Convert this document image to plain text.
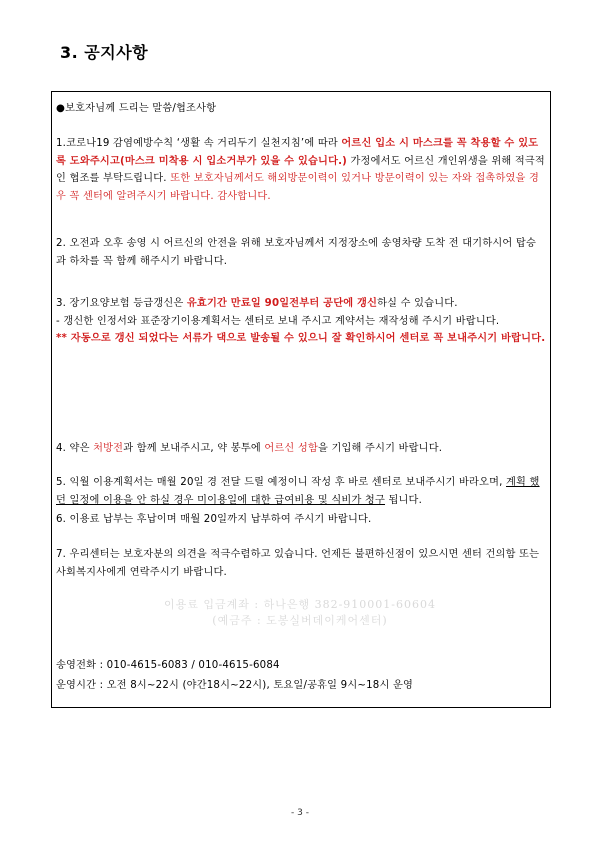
3. 공지사항
●보호자님께 드리는 말씀/협조사항
1.코로나19 감염예방수칙 ‘생활 속 거리두기 실천지침’에 따라 어르신 입소 시 마스크를 꼭 착용할 수 있도록 도와주시고(마스크 미착용 시 입소거부가 있을 수 있습니다.) 가정에서도 어르신 개인위생을 위해 적극적인 협조를 부탁드립니다. 또한 보호자님께서도 해외방문이력이 있거나 방문이력이 있는 자와 접촉하였을 경우 꼭 센터에 알려주시기 바랍니다. 감사합니다.
2. 오전과 오후 송영 시 어르신의 안전을 위해 보호자님께서 지정장소에 송영차량 도착 전 대기하시어 탑승과 하차를 꼭 함께 해주시기 바랍니다.
3. 장기요양보험 등급갱신은 유효기간 만료일 90일전부터 공단에 갱신하실 수 있습니다.
- 갱신한 인정서와 표준장기이용계획서는 센터로 보내 주시고 계약서는 재작성해 주시기 바랍니다.
** 자동으로 갱신 되었다는 서류가 댁으로 발송될 수 있으니 잘 확인하시어 센터로 꼭 보내주시기 바랍니다.
4. 약은 처방전과 함께 보내주시고, 약 봉투에 어르신 성함을 기입해 주시기 바랍니다.
5. 익월 이용계획서는 매월 20일 경 전달 드릴 예정이니 작성 후 바로 센터로 보내주시기 바라오며, 계획 했던 일정에 이용을 안 하실 경우 미이용일에 대한 급여비용 및 식비가 청구 됩니다.
6. 이용료 납부는 후납이며 매월 20일까지 납부하여 주시기 바랍니다.
7. 우리센터는 보호자분의 의견을 적극수렴하고 있습니다. 언제든 불편하신점이 있으시면 센터 건의함 또는 사회복지사에게 연락주시기 바랍니다.
이용료 입금계좌 : 하나은행 382-910001-60604
(예금주 : 도봉실버데이케어센터)
송영전화 : 010-4615-6083 / 010-4615-6084
운영시간 : 오전 8시~22시 (야간18시~22시), 토요일/공휴일 9시~18시 운영
- 3 -
